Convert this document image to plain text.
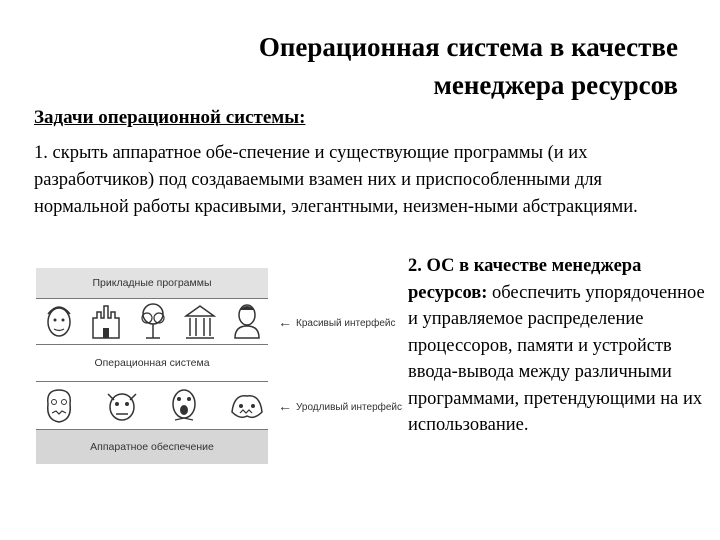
Операционная система в качестве
менеджера ресурсов
Задачи операционной системы:

1. скрыть аппаратное обе-спечение и существующие программы (и их разработчиков) под создаваемыми взамен них и приспособленными для нормальной работы красивыми, элегантными, неизмен-ными абстракциями.

Прикладные программы
Операционная система
Аппаратное обеспечение
← Красивый интерфейс
← Уродливый интерфейс

2. ОС в качестве менеджера ресурсов: обеспечить упорядоченное и управляемое распределение процессоров, памяти и устройств ввода-вывода между различными программами, претендующими на их использование.
